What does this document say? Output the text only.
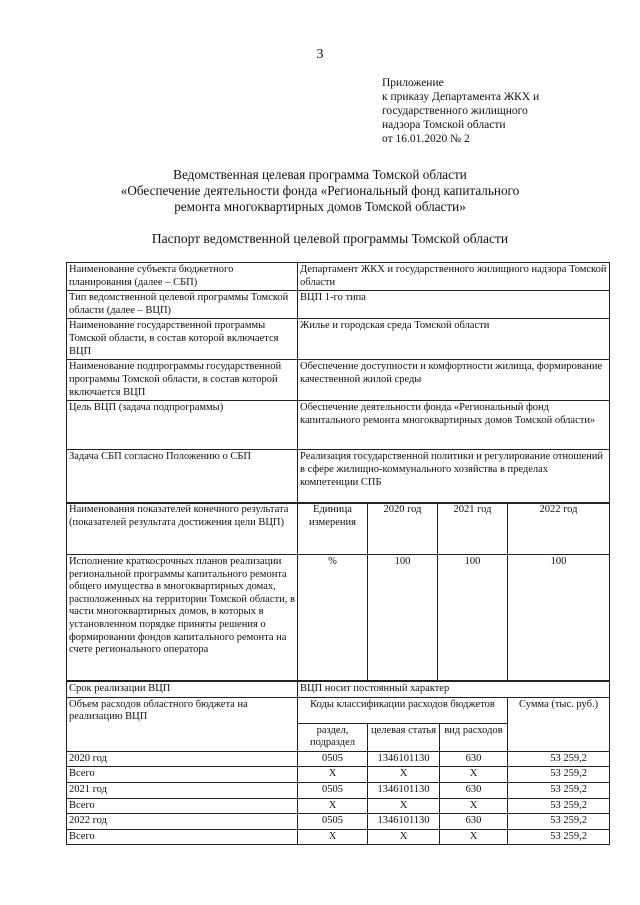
3
Приложение
к приказу Департамента ЖКХ и
государственного жилищного
надзора Томской области
от 16.01.2020 № 2
Ведомственная целевая программа Томской области
«Обеспечение деятельности фонда «Региональный фонд капитального
ремонта многоквартирных домов Томской области»
Паспорт ведомственной целевой программы Томской области
Наименование субъекта бюджетного планирования (далее – СБП)	Департамент ЖКХ и государственного жилищного надзора Томской области
Тип ведомственной целевой программы Томской области (далее – ВЦП)	ВЦП 1-го типа
Наименование государственной программы Томской области, в состав которой включается ВЦП	Жилье и городская среда Томской области
Наименование подпрограммы государственной программы Томской области, в состав которой включается ВЦП	Обеспечение доступности и комфортности жилища, формирование качественной жилой среды
Цель ВЦП (задача подпрограммы)	Обеспечение деятельности фонда «Региональный фонд капитального ремонта многоквартирных домов Томской области»
Задача СБП согласно Положению о СБП	Реализация государственной политики и регулирование отношений в сфере жилищно-коммунального хозяйства в пределах компетенции СПБ
Наименования показателей конечного результата (показателей результата достижения цели ВЦП)	Единица измерения	2020 год	2021 год	2022 год
Исполнение краткосрочных планов реализации региональной программы капитального ремонта общего имущества в многоквартирных домах, расположенных на территории Томской области, в части многоквартирных домов, в которых в установленном порядке приняты решения о формировании фондов капитального ремонта на счете регионального оператора	%	100	100	100
Срок реализации ВЦП	ВЦП носит постоянный характер			
Объем расходов областного бюджета на реализацию ВЦП	Коды классификации расходов бюджетов			Сумма (тыс. руб.)
	раздел, подраздел	целевая статья	вид расходов	
2020 год	0505	1346101130	630	53 259,2
Всего	X	X	X	53 259,2
2021 год	0505	1346101130	630	53 259,2
Всего	X	X	X	53 259,2
2022 год	0505	1346101130	630	53 259,2
Всего	X	X	X	53 259,2
